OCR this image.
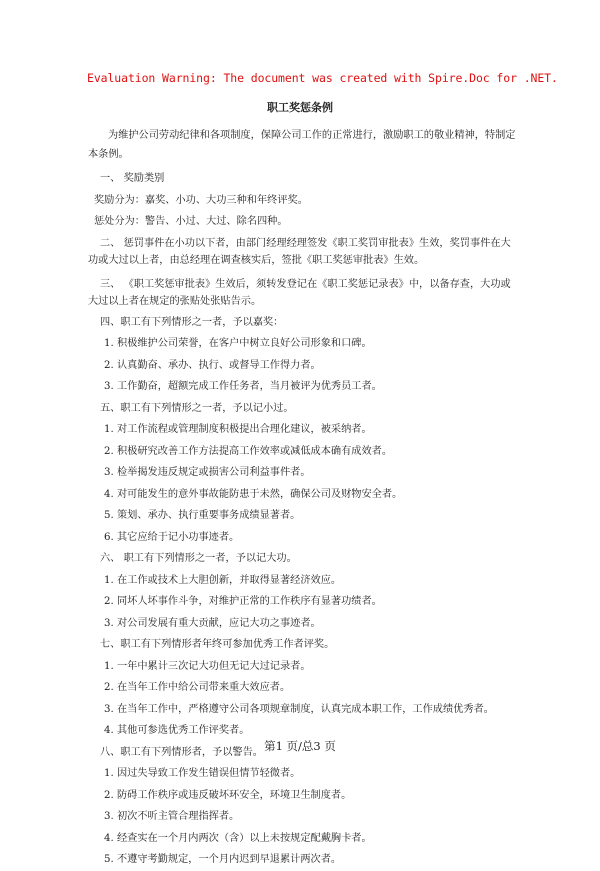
Evaluation Warning: The document was created with Spire.Doc for .NET.
职工奖惩条例

为维护公司劳动纪律和各项制度，保障公司工作的正常进行，激励职工的敬业精神，特制定本条例。

一、 奖励类别
奖励分为：嘉奖、小功、大功三种和年终评奖。
惩处分为：警告、小过、大过、除名四种。
二、 惩罚事件在小功以下者，由部门经理经理签发《职工奖罚审批表》生效，奖罚事件在大功或大过以上者，由总经理在调查核实后，签批《职工奖惩审批表》生效。
三、 《职工奖惩审批表》生效后，须转发登记在《职工奖惩记录表》中，以备存查，大功或大过以上者在规定的张贴处张贴告示。
四、职工有下列情形之一者，予以嘉奖：
1. 积极维护公司荣誉，在客户中树立良好公司形象和口碑。
2. 认真勤奋、承办、执行、或督导工作得力者。
3. 工作勤奋，超额完成工作任务者，当月被评为优秀员工者。
五、职工有下列情形之一者，予以记小过。
1. 对工作流程或管理制度积极提出合理化建议，被采纳者。
2. 积极研究改善工作方法提高工作效率或减低成本确有成效者。
3. 检举揭发违反规定或损害公司利益事件者。
4. 对可能发生的意外事故能防患于未然，确保公司及财物安全者。
5. 策划、承办、执行重要事务成绩显著者。
6. 其它应给于记小功事迹者。
六、 职工有下列情形之一者，予以记大功。
1. 在工作或技术上大胆创新，并取得显著经济效应。
2. 同坏人坏事作斗争，对维护正常的工作秩序有显著功绩者。
3. 对公司发展有重大贡献，应记大功之事迹者。
七、职工有下列情形者年终可参加优秀工作者评奖。
1. 一年中累计三次记大功但无记大过记录者。
2. 在当年工作中给公司带来重大效应者。
3. 在当年工作中，严格遵守公司各项规章制度，认真完成本职工作，工作成绩优秀者。
4. 其他可参选优秀工作评奖者。
八、职工有下列情形者，予以警告。
1. 因过失导致工作发生错误但情节轻微者。
2. 防碍工作秩序或违反破坏环安全，环境卫生制度者。
3. 初次不听主管合理指挥者。
4. 经查实在一个月内两次（含）以上未按规定配戴胸卡者。
5. 不遵守考勤规定，一个月内迟到早退累计两次者。
第1 页/总3 页
